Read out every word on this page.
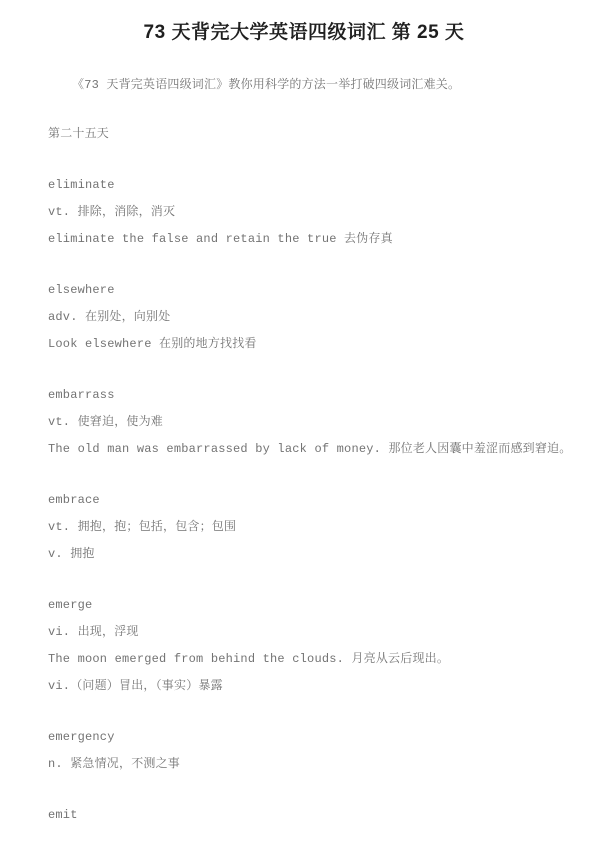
73 天背完大学英语四级词汇 第 25 天

《73 天背完英语四级词汇》教你用科学的方法一举打破四级词汇难关。

第二十五天

eliminate

vt. 排除，消除，消灭

eliminate the false and retain the true 去伪存真

elsewhere

adv. 在别处，向别处

Look elsewhere 在别的地方找找看

embarrass

vt. 使窘迫，使为难

The old man was embarrassed by lack of money. 那位老人因囊中羞涩而感到窘迫。

embrace

vt. 拥抱，抱；包括，包含；包围

v. 拥抱

emerge

vi. 出现，浮现

The moon emerged from behind the clouds. 月亮从云后现出。

vi.（问题）冒出，（事实）暴露

emergency

n. 紧急情况，不测之事

emit
